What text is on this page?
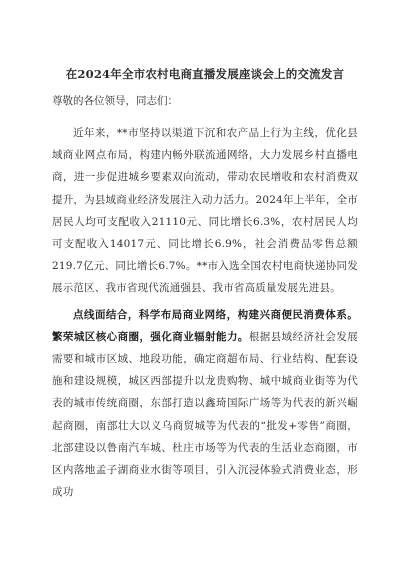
在2024年全市农村电商直播发展座谈会上的交流发言

尊敬的各位领导，同志们：

近年来，**市坚持以渠道下沉和农产品上行为主线，优化县域商业网点布局，构建内畅外联流通网络，大力发展乡村直播电商，进一步促进城乡要素双向流动，带动农民增收和农村消费双提升，为县域商业经济发展注入动力活力。2024年上半年，全市居民人均可支配收入21110元、同比增长6.3%，农村居民人均可支配收入14017元、同比增长6.9%，社会消费品零售总额219.7亿元、同比增长6.7%。**市入选全国农村电商快递协同发展示范区、我市省现代流通强县、我市省高质量发展先进县。

点线面结合，科学布局商业网络，构建兴商便民消费体系。繁荣城区核心商圈，强化商业辐射能力。根据县域经济社会发展需要和城市区域、地段功能，确定商超布局、行业结构、配套设施和建设规模，城区西部提升以龙贵购物、城中城商业街等为代表的城市传统商圈，东部打造以鑫琦国际广场等为代表的新兴崛起商圈，南部壮大以义乌商贸城等为代表的“批发+零售”商圈，北部建设以鲁南汽车城、杜庄市场等为代表的生活业态商圈，市区内落地孟子湖商业水街等项目，引入沉浸体验式消费业态，形成功
